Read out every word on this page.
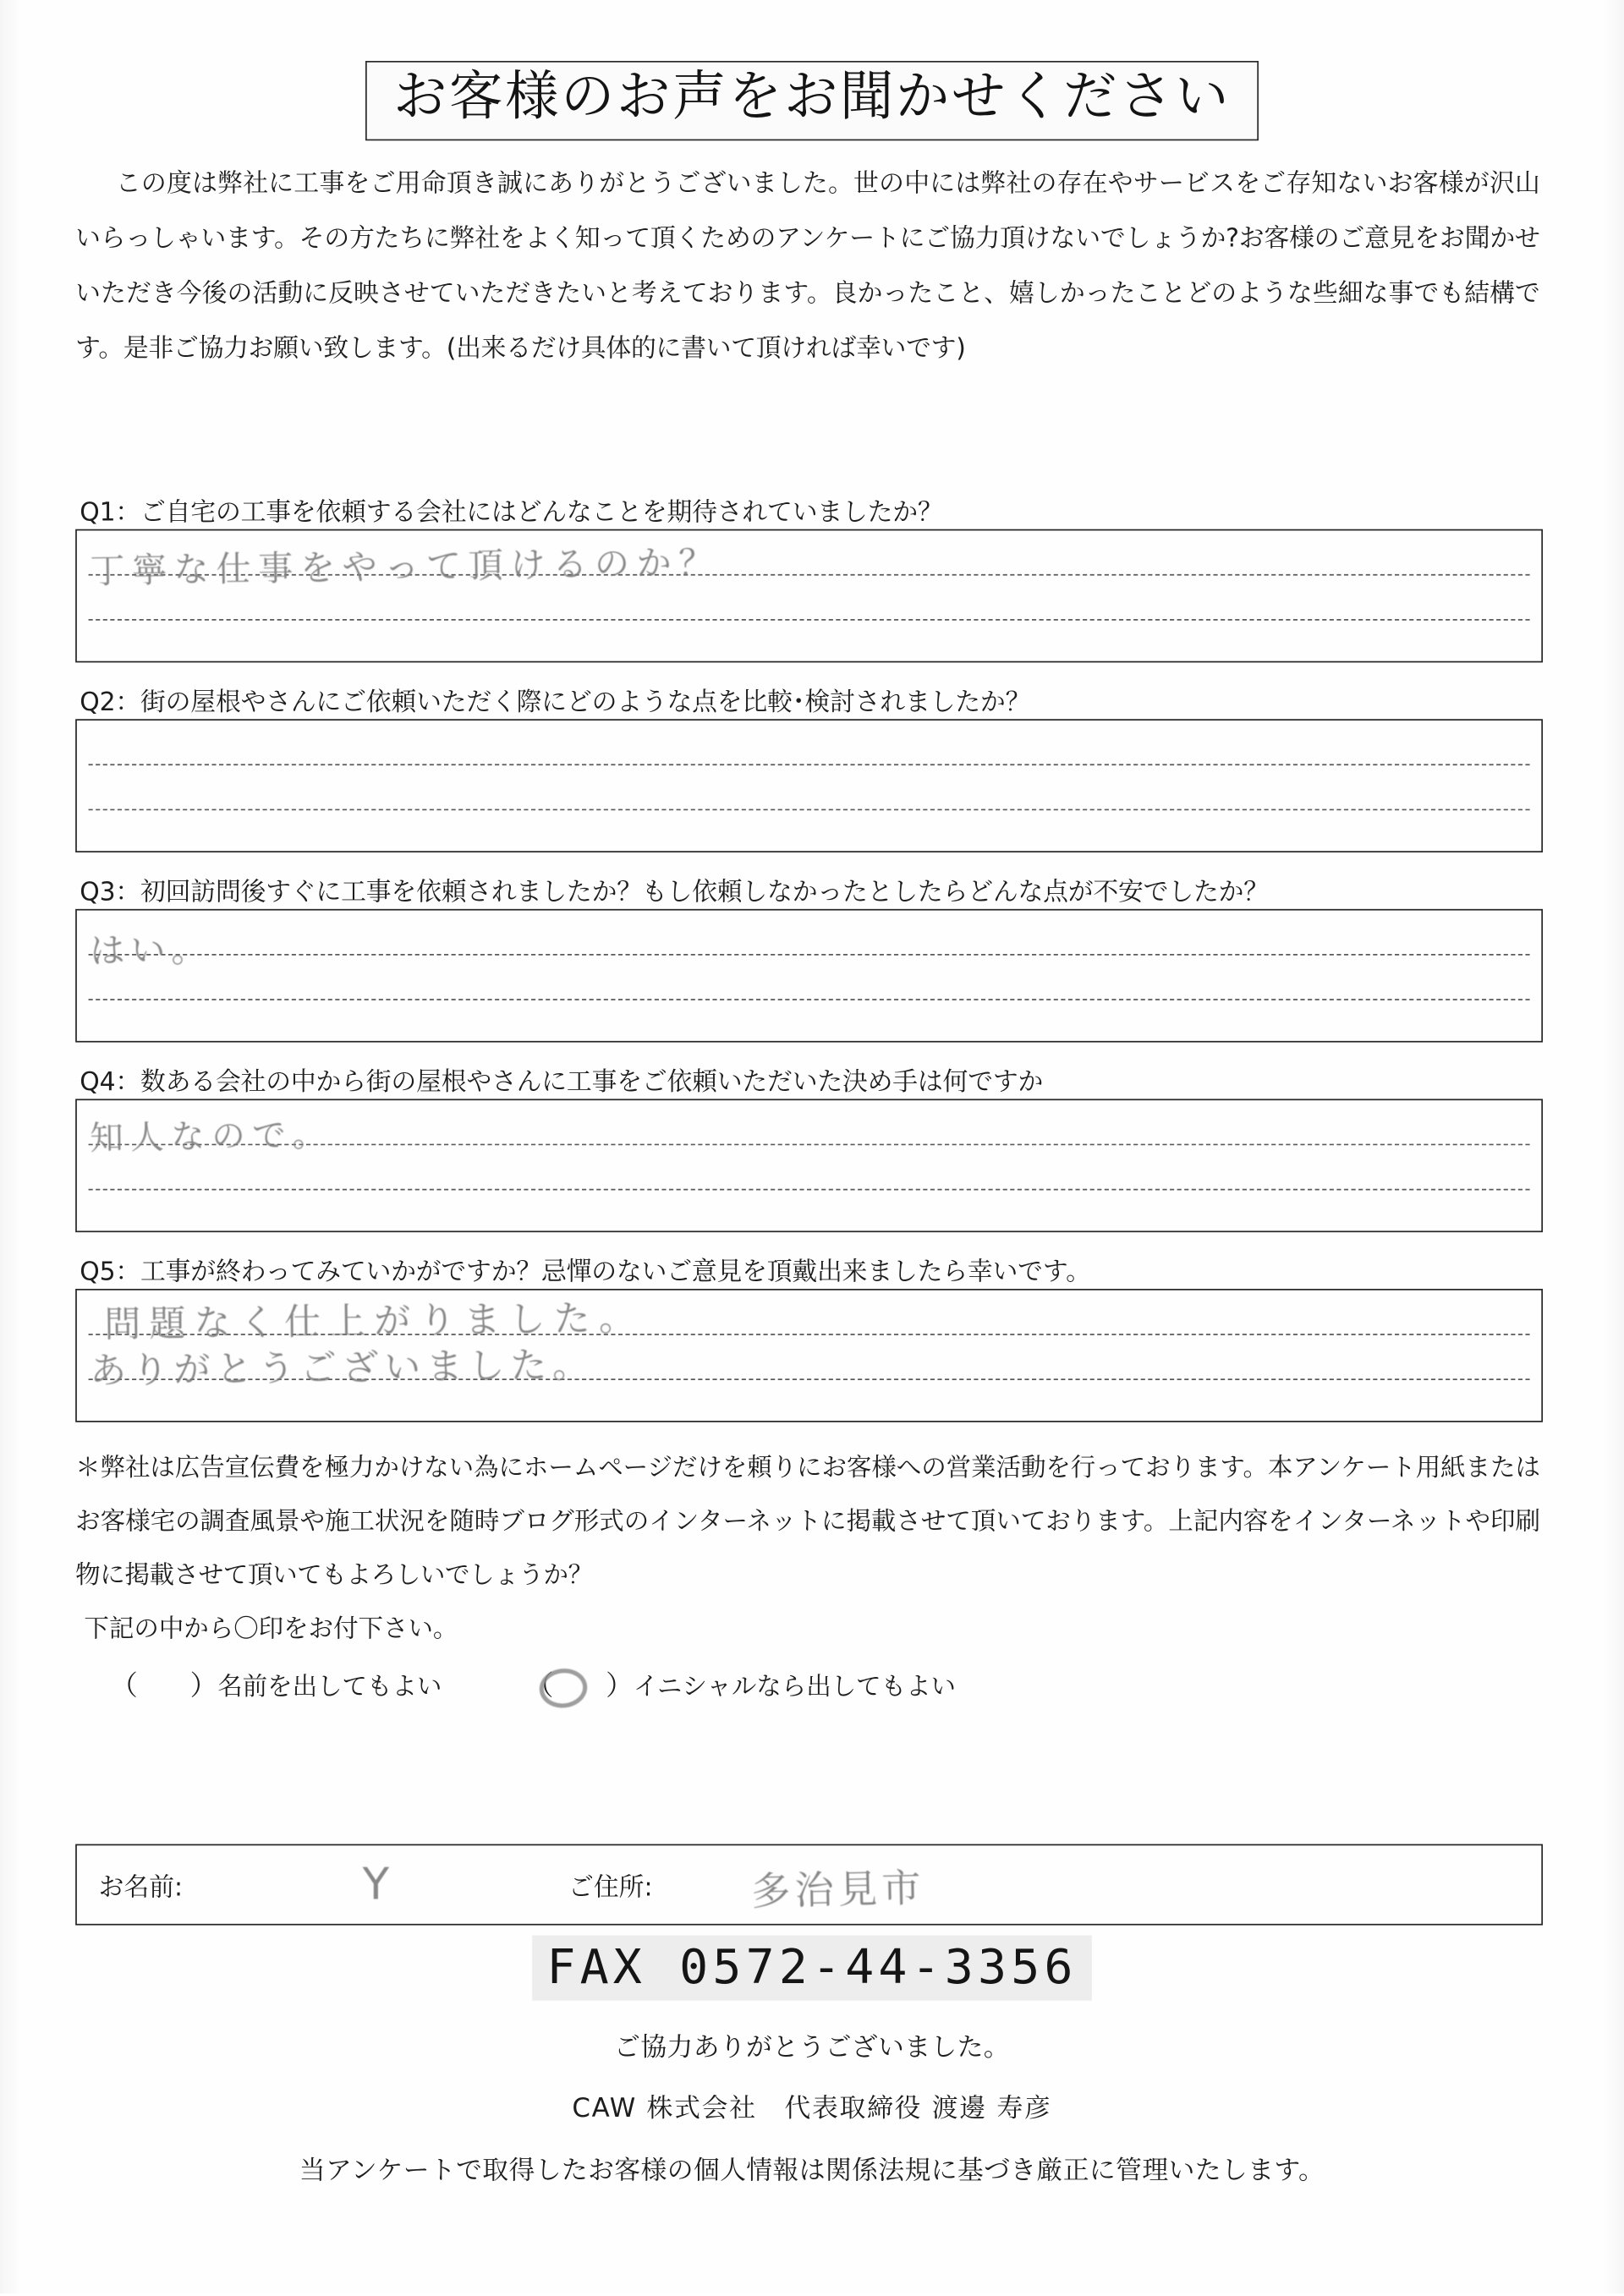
お客様のお声をお聞かせください
この度は弊社に工事をご用命頂き誠にありがとうございました。世の中には弊社の存在やサービスをご存知ないお客様が沢山いらっしゃいます。その方たちに弊社をよく知って頂くためのアンケートにご協力頂けないでしょうか?お客様のご意見をお聞かせいただき今後の活動に反映させていただきたいと考えております。良かったこと、嬉しかったことどのような些細な事でも結構です。是非ご協力お願い致します。(出来るだけ具体的に書いて頂ければ幸いです)
Q1：ご自宅の工事を依頼する会社にはどんなことを期待されていましたか？
丁寧な仕事をやって頂けるのか？
Q2：街の屋根やさんにご依頼いただく際にどのような点を比較･検討されましたか？
Q3：初回訪問後すぐに工事を依頼されましたか？もし依頼しなかったとしたらどんな点が不安でしたか？
はい。
Q4：数ある会社の中から街の屋根やさんに工事をご依頼いただいた決め手は何ですか
知人なので。
Q5：工事が終わってみていかがですか？忌憚のないご意見を頂戴出来ましたら幸いです。
問題なく仕上がりました。
ありがとうございました。
＊弊社は広告宣伝費を極力かけない為にホームページだけを頼りにお客様への営業活動を行っております。本アンケート用紙またはお客様宅の調査風景や施工状況を随時ブログ形式のインターネットに掲載させて頂いております。上記内容をインターネットや印刷物に掲載させて頂いてもよろしいでしょうか？
下記の中から〇印をお付下さい。
（	） 名前を出してもよい	（	） イニシャルなら出してもよい
お名前:	Y	ご住所:	多治見市
FAX 0572-44-3356
ご協力ありがとうございました。
CAW 株式会社　代表取締役 渡邊 寿彦
当アンケートで取得したお客様の個人情報は関係法規に基づき厳正に管理いたします。
